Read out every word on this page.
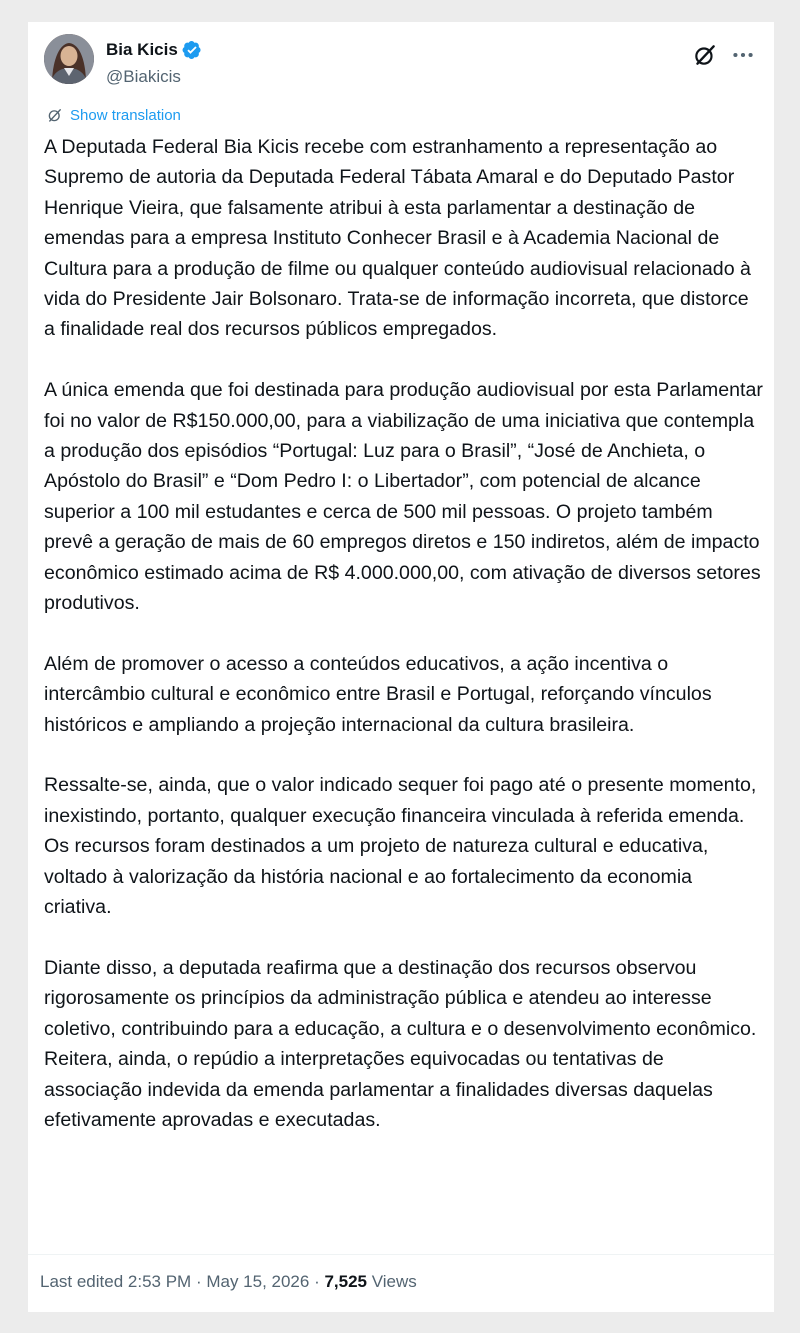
Bia Kicis
@Biakicis
Show translation

A Deputada Federal Bia Kicis recebe com estranhamento a representação ao Supremo de autoria da Deputada Federal Tábata Amaral e do Deputado Pastor Henrique Vieira, que falsamente atribui à esta parlamentar a destinação de emendas para a empresa Instituto Conhecer Brasil e à Academia Nacional de Cultura para a produção de filme ou qualquer conteúdo audiovisual relacionado à vida do Presidente Jair Bolsonaro. Trata-se de informação incorreta, que distorce a finalidade real dos recursos públicos empregados.

A única emenda que foi destinada para produção audiovisual por esta Parlamentar foi no valor de R$150.000,00, para a viabilização de uma iniciativa que contempla a produção dos episódios “Portugal: Luz para o Brasil”, “José de Anchieta, o Apóstolo do Brasil” e “Dom Pedro I: o Libertador”, com potencial de alcance superior a 100 mil estudantes e cerca de 500 mil pessoas. O projeto também prevê a geração de mais de 60 empregos diretos e 150 indiretos, além de impacto econômico estimado acima de R$ 4.000.000,00, com ativação de diversos setores produtivos.

Além de promover o acesso a conteúdos educativos, a ação incentiva o intercâmbio cultural e econômico entre Brasil e Portugal, reforçando vínculos históricos e ampliando a projeção internacional da cultura brasileira.

Ressalte-se, ainda, que o valor indicado sequer foi pago até o presente momento, inexistindo, portanto, qualquer execução financeira vinculada à referida emenda. Os recursos foram destinados a um projeto de natureza cultural e educativa, voltado à valorização da história nacional e ao fortalecimento da economia criativa.

Diante disso, a deputada reafirma que a destinação dos recursos observou rigorosamente os princípios da administração pública e atendeu ao interesse coletivo, contribuindo para a educação, a cultura e o desenvolvimento econômico. Reitera, ainda, o repúdio a interpretações equivocadas ou tentativas de associação indevida da emenda parlamentar a finalidades diversas daquelas efetivamente aprovadas e executadas.

Last edited 2:53 PM · May 15, 2026 · 7,525 Views
